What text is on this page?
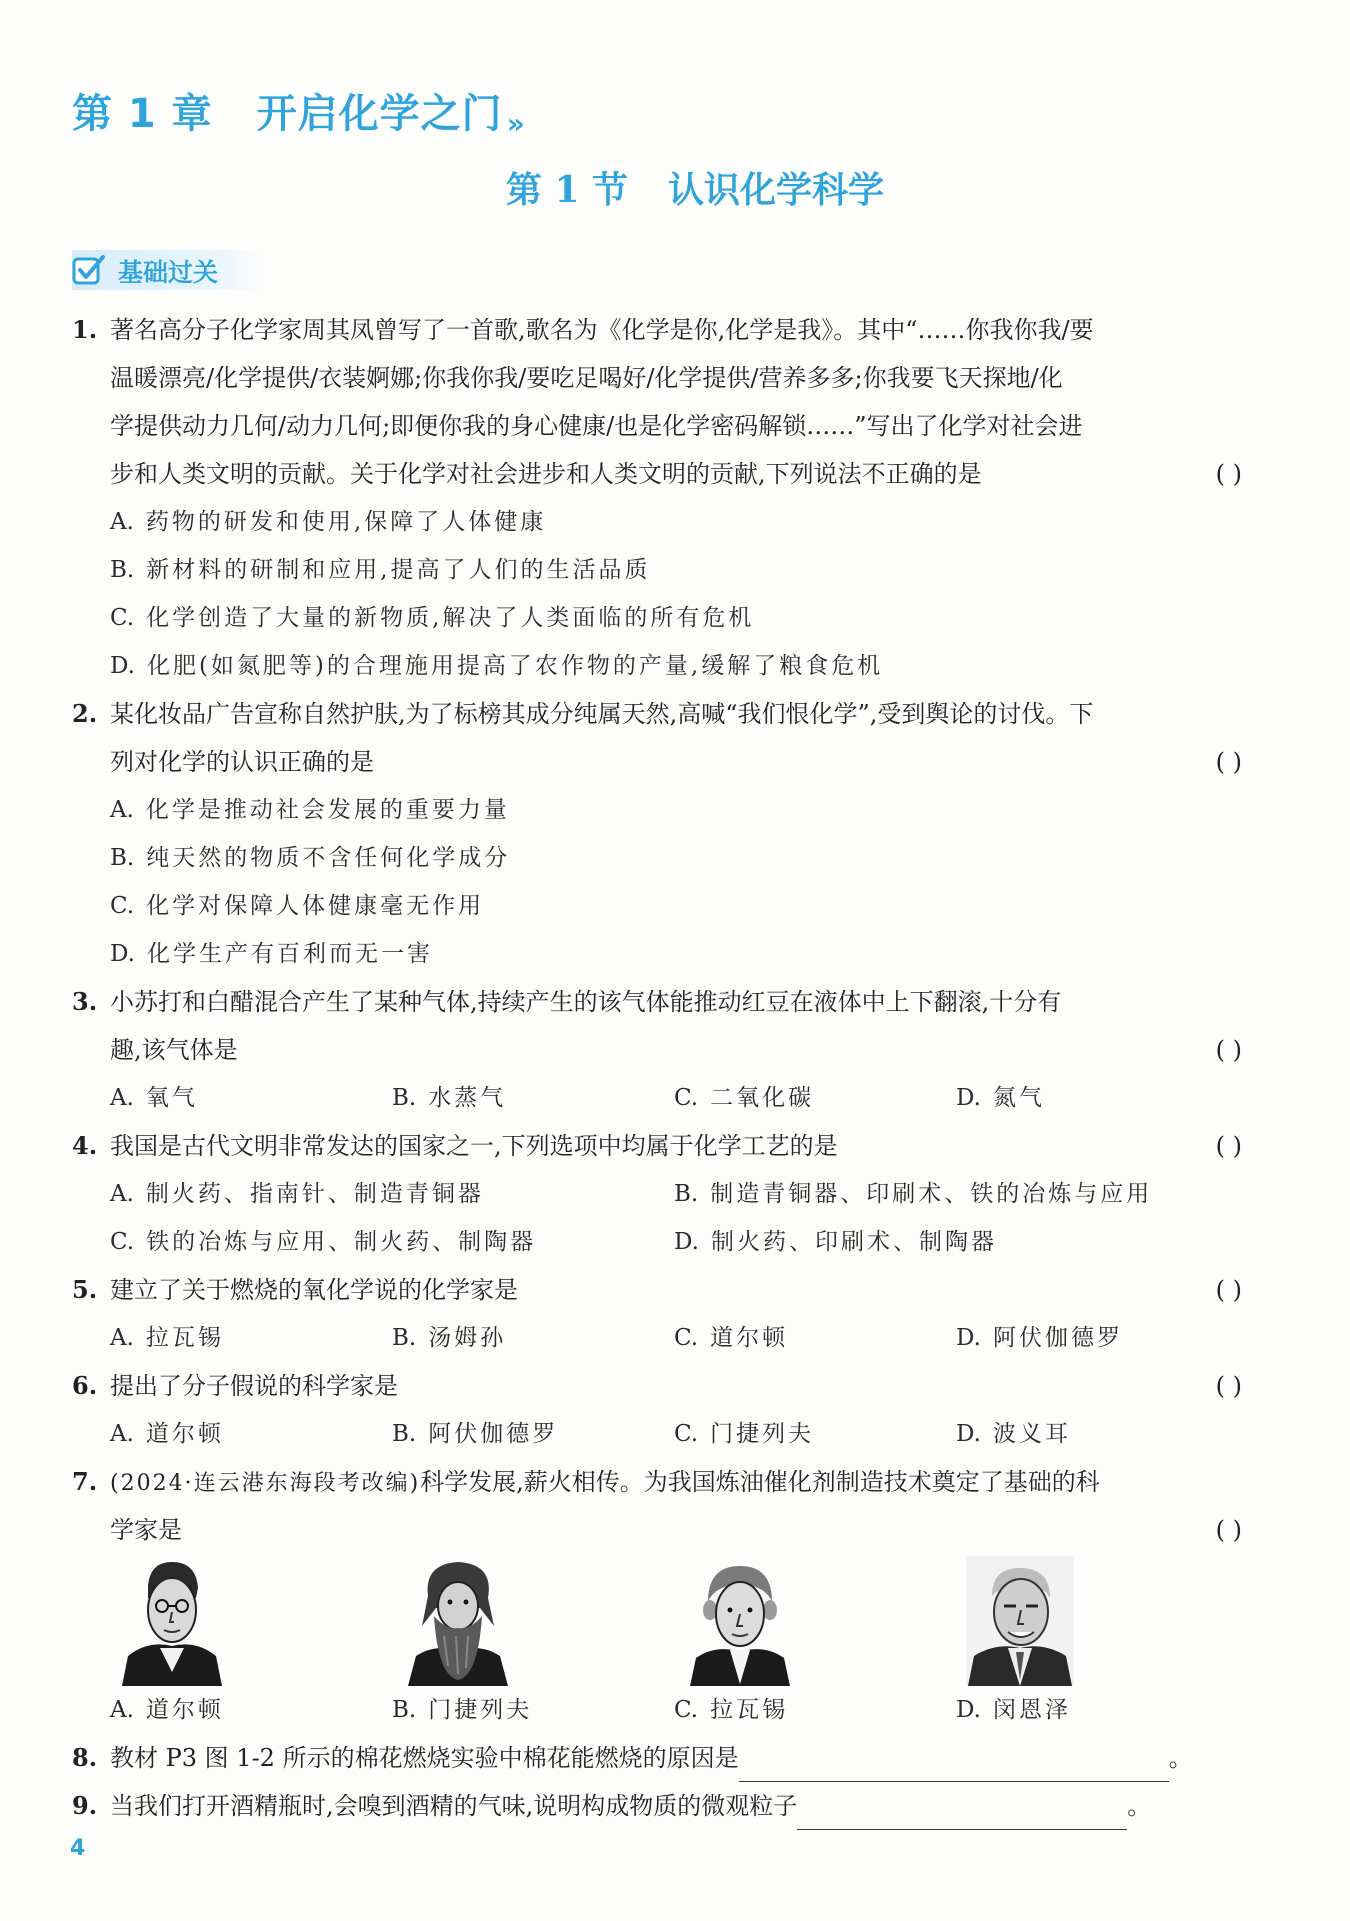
第 1 章 开启化学之门 »
第 1 节 认识化学科学
基础过关
1. 著名高分子化学家周其凤曾写了一首歌,歌名为《化学是你,化学是我》。其中“……你我你我/要
温暖漂亮/化学提供/衣装婀娜;你我你我/要吃足喝好/化学提供/营养多多;你我要飞天探地/化
学提供动力几何/动力几何;即便你我的身心健康/也是化学密码解锁……”写出了化学对社会进
步和人类文明的贡献。关于化学对社会进步和人类文明的贡献,下列说法不正确的是	( )
A. 药物的研发和使用,保障了人体健康
B. 新材料的研制和应用,提高了人们的生活品质
C. 化学创造了大量的新物质,解决了人类面临的所有危机
D. 化肥(如氮肥等)的合理施用提高了农作物的产量,缓解了粮食危机
2. 某化妆品广告宣称自然护肤,为了标榜其成分纯属天然,高喊“我们恨化学”,受到舆论的讨伐。下
列对化学的认识正确的是	( )
A. 化学是推动社会发展的重要力量
B. 纯天然的物质不含任何化学成分
C. 化学对保障人体健康毫无作用
D. 化学生产有百利而无一害
3. 小苏打和白醋混合产生了某种气体,持续产生的该气体能推动红豆在液体中上下翻滚,十分有
趣,该气体是	( )
A. 氧气	B. 水蒸气	C. 二氧化碳	D. 氮气
4. 我国是古代文明非常发达的国家之一,下列选项中均属于化学工艺的是	( )
A. 制火药、指南针、制造青铜器	B. 制造青铜器、印刷术、铁的冶炼与应用
C. 铁的冶炼与应用、制火药、制陶器	D. 制火药、印刷术、制陶器
5. 建立了关于燃烧的氧化学说的化学家是	( )
A. 拉瓦锡	B. 汤姆孙	C. 道尔顿	D. 阿伏伽德罗
6. 提出了分子假说的科学家是	( )
A. 道尔顿	B. 阿伏伽德罗	C. 门捷列夫	D. 波义耳
7. (2024·连云港东海段考改编)科学发展,薪火相传。为我国炼油催化剂制造技术奠定了基础的科
学家是	( )
A. 道尔顿	B. 门捷列夫	C. 拉瓦锡	D. 闵恩泽
8. 教材 P3 图 1-2 所示的棉花燃烧实验中棉花能燃烧的原因是	。
9. 当我们打开酒精瓶时,会嗅到酒精的气味,说明构成物质的微观粒子	。
4
